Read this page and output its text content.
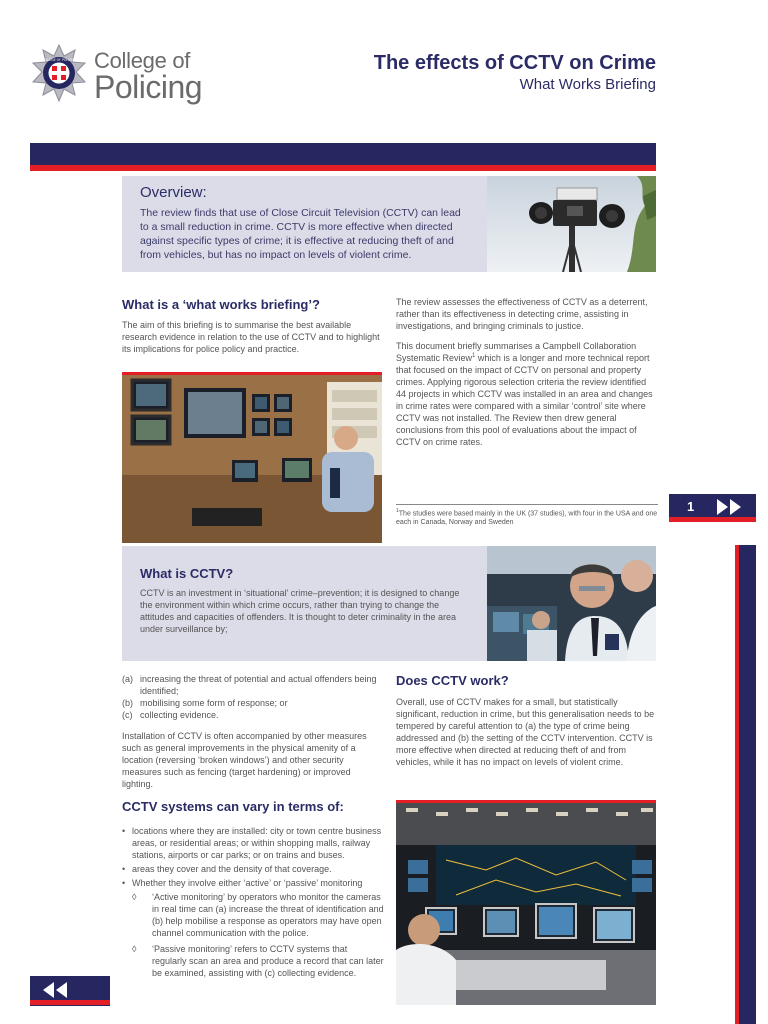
COLLEGE OF POLICING College of
Policing
The effects of CCTV on Crime
What Works Briefing
Overview:

The review finds that use of Close Circuit Television (CCTV) can lead to a small reduction in crime. CCTV is more effective when directed against specific types of crime; it is effective at reducing theft of and from vehicles, but has no impact on levels of violent crime.

What is a ‘what works briefing’?
The aim of this briefing is to summarise the best available research evidence in relation to the use of CCTV and to highlight its implications for police policy and practice.
The review assesses the effectiveness of CCTV as a deterrent, rather than its effectiveness in detecting crime, assisting in investigations, and bringing criminals to justice.
This document briefly summarises a Campbell Collaboration Systematic Review$^1$ which is a longer and more technical report that focused on the impact of CCTV on personal and property crimes. Applying rigorous selection criteria the review identified 44 projects in which CCTV was installed in an area and changes in crime rates were compared with a similar ‘control’ site where CCTV was not installed. The Review then drew general conclusions from this pool of evaluations about the impact of CCTV on crime rates.
$^1$The studies were based mainly in the UK (37 studies), with four in the USA and one each in Canada, Norway and Sweden
1
What is CCTV?
CCTV is an investment in ‘situational’ crime–prevention; it is designed to change the environment within which crime occurs, rather than trying to change the attitudes and capacities of offenders. It is thought to deter criminality in the area under surveillance by;
(a) increasing the threat of potential and actual offenders being identified;
(b) mobilising some form of response; or
(c) collecting evidence.
Installation of CCTV is often accompanied by other measures such as general improvements in the physical amenity of a location (reversing ‘broken windows’) and other security measures such as fencing (target hardening) or improved lighting.
CCTV systems can vary in terms of:
• locations where they are installed: city or town centre business areas, or residential areas; or within shopping malls, railway stations, airports or car parks; or on trains and buses.
• areas they cover and the density of that coverage.
• Whether they involve either ‘active’ or ‘passive’ monitoring
◊ ‘Active monitoring’ by operators who monitor the cameras in real time can (a) increase the threat of identification and (b) help mobilise a response as operators may have open channel communication with the police.
◊ ‘Passive monitoring’ refers to CCTV systems that regularly scan an area and produce a record that can later be examined, assisting with (c) collecting evidence.
Does CCTV work?
Overall, use of CCTV makes for a small, but statistically significant, reduction in crime, but this generalisation needs to be tempered by careful attention to (a) the type of crime being addressed and (b) the setting of the CCTV intervention. CCTV is more effective when directed at reducing theft of and from vehicles, while it has no impact on levels of violent crime.
